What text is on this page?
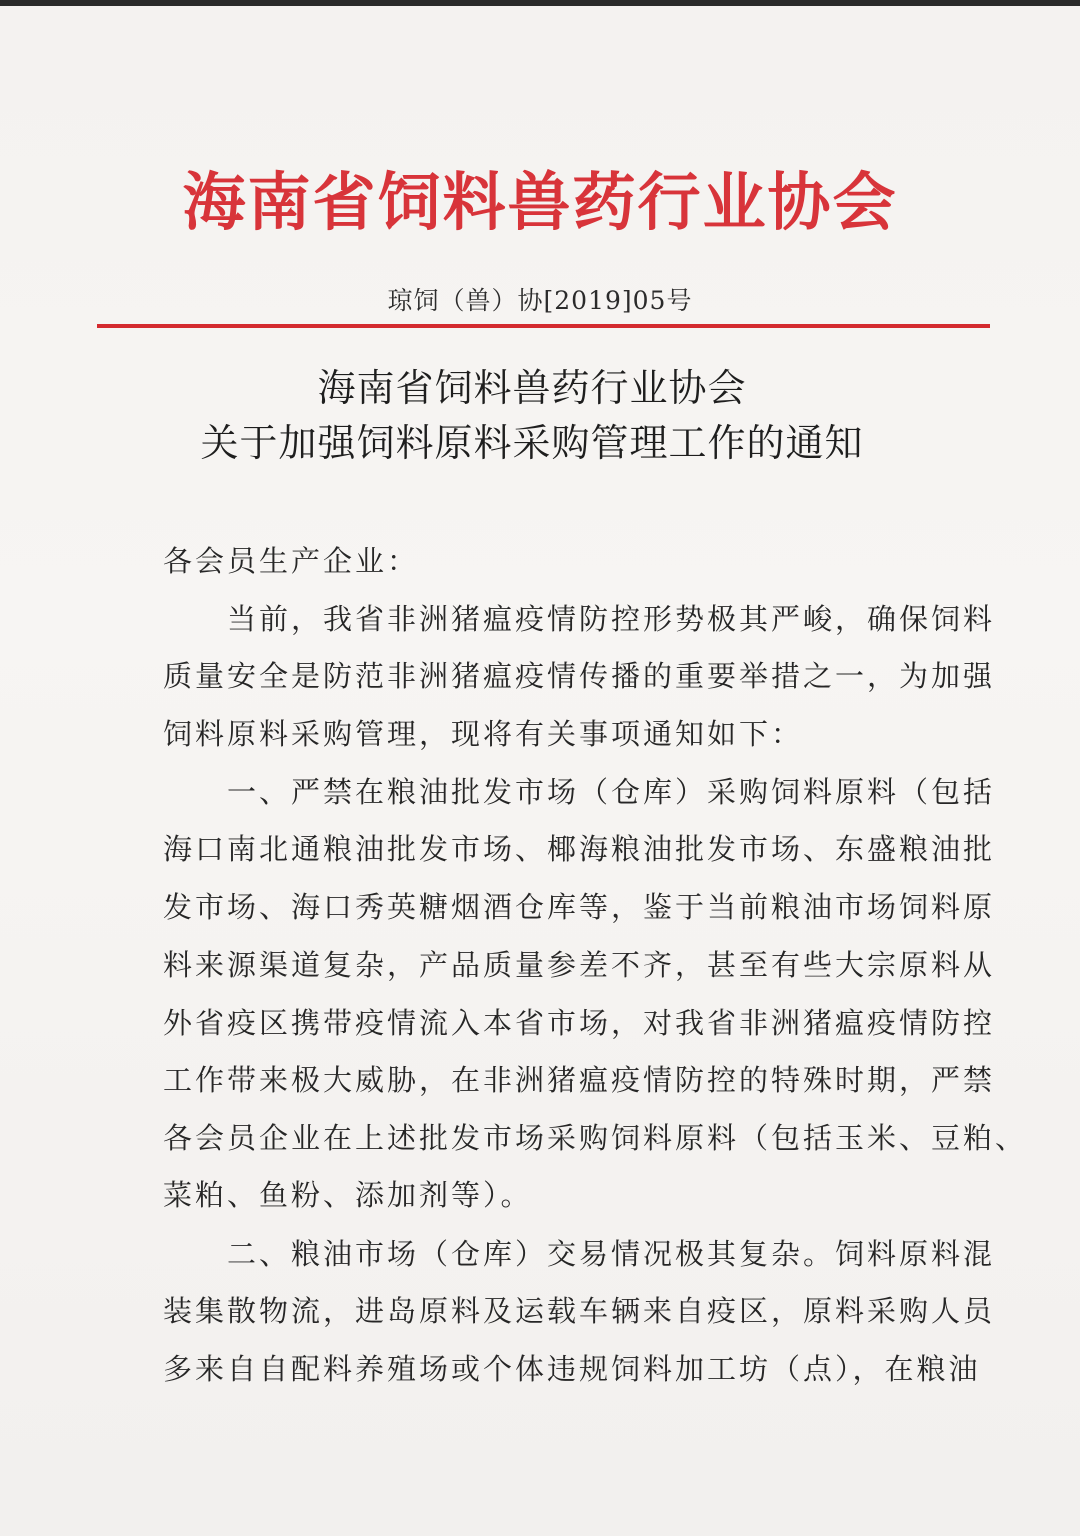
海南省饲料兽药行业协会
琼饲（兽）协[2019]05号
海南省饲料兽药行业协会
关于加强饲料原料采购管理工作的通知
各会员生产企业：
　　当前，我省非洲猪瘟疫情防控形势极其严峻，确保饲料
质量安全是防范非洲猪瘟疫情传播的重要举措之一，为加强
饲料原料采购管理，现将有关事项通知如下：
　　一、严禁在粮油批发市场（仓库）采购饲料原料（包括
海口南北通粮油批发市场、椰海粮油批发市场、东盛粮油批
发市场、海口秀英糖烟酒仓库等，鉴于当前粮油市场饲料原
料来源渠道复杂，产品质量参差不齐，甚至有些大宗原料从
外省疫区携带疫情流入本省市场，对我省非洲猪瘟疫情防控
工作带来极大威胁，在非洲猪瘟疫情防控的特殊时期，严禁
各会员企业在上述批发市场采购饲料原料（包括玉米、豆粕、
菜粕、鱼粉、添加剂等）。
　　二、粮油市场（仓库）交易情况极其复杂。饲料原料混
装集散物流，进岛原料及运载车辆来自疫区，原料采购人员
多来自自配料养殖场或个体违规饲料加工坊（点），在粮油
